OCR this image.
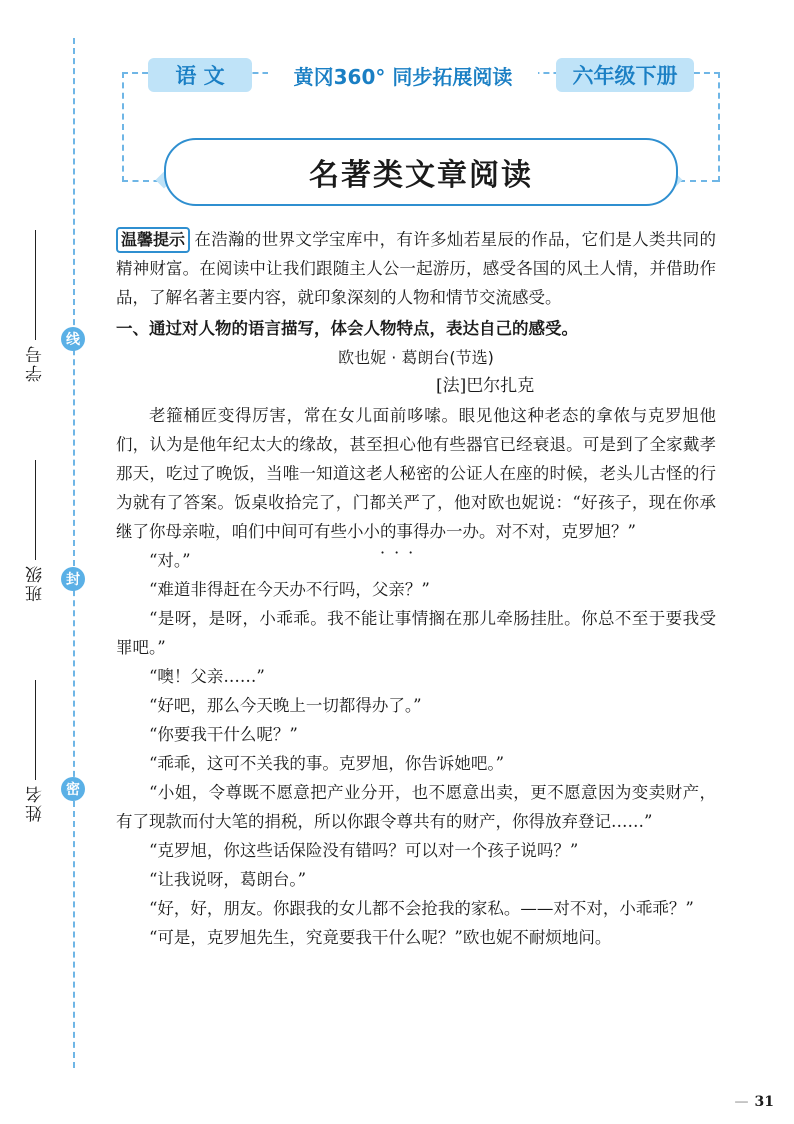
线
封
密
学号
班级
姓名
语 文	黄冈360° 同步拓展阅读	六年级下册
名著类文章阅读

温馨提示 在浩瀚的世界文学宝库中，有许多灿若星辰的作品，它们是人类共同的精神财富。在阅读中让我们跟随主人公一起游历，感受各国的风土人情，并借助作品，了解名著主要内容，就印象深刻的人物和情节交流感受。

一、通过对人物的语言描写，体会人物特点，表达自己的感受。

欧也妮 · 葛朗台(节选)

[法]巴尔扎克

老箍桶匠变得厉害，常在女儿面前哆嗦。眼见他这种老态的拿侬与克罗旭他们，认为是他年纪太大的缘故，甚至担心他有些器官已经衰退。可是到了全家戴孝那天，吃过了晚饭，当唯一知道这老人秘密的公证人在座的时候，老头儿古怪的行为就有了答案。饭桌收拾完了，门都关严了，他对欧也妮说：“好孩子，现在你承继了你母亲啦，咱们中间可有些小小的
···
事得办一办。对不对，克罗旭？”

“对。”

“难道非得赶在今天办不行吗，父亲？”

“是呀，是呀，小乖乖。我不能让事情搁在那儿牵肠挂肚。你总不至于要我受罪吧。”

“噢！父亲……”

“好吧，那么今天晚上一切都得办了。”

“你要我干什么呢？”

“乖乖，这可不关我的事。克罗旭，你告诉她吧。”

“小姐，令尊既不愿意把产业分开，也不愿意出卖，更不愿意因为变卖财产，有了现款而付大笔的捐税，所以你跟令尊共有的财产，你得放弃登记……”

“克罗旭，你这些话保险没有错吗？可以对一个孩子说吗？”

“让我说呀，葛朗台。”

“好，好，朋友。你跟我的女儿都不会抢我的家私。——对不对，小乖乖？”

“可是，克罗旭先生，究竟要我干什么呢？”欧也妮不耐烦地问。

— 31
